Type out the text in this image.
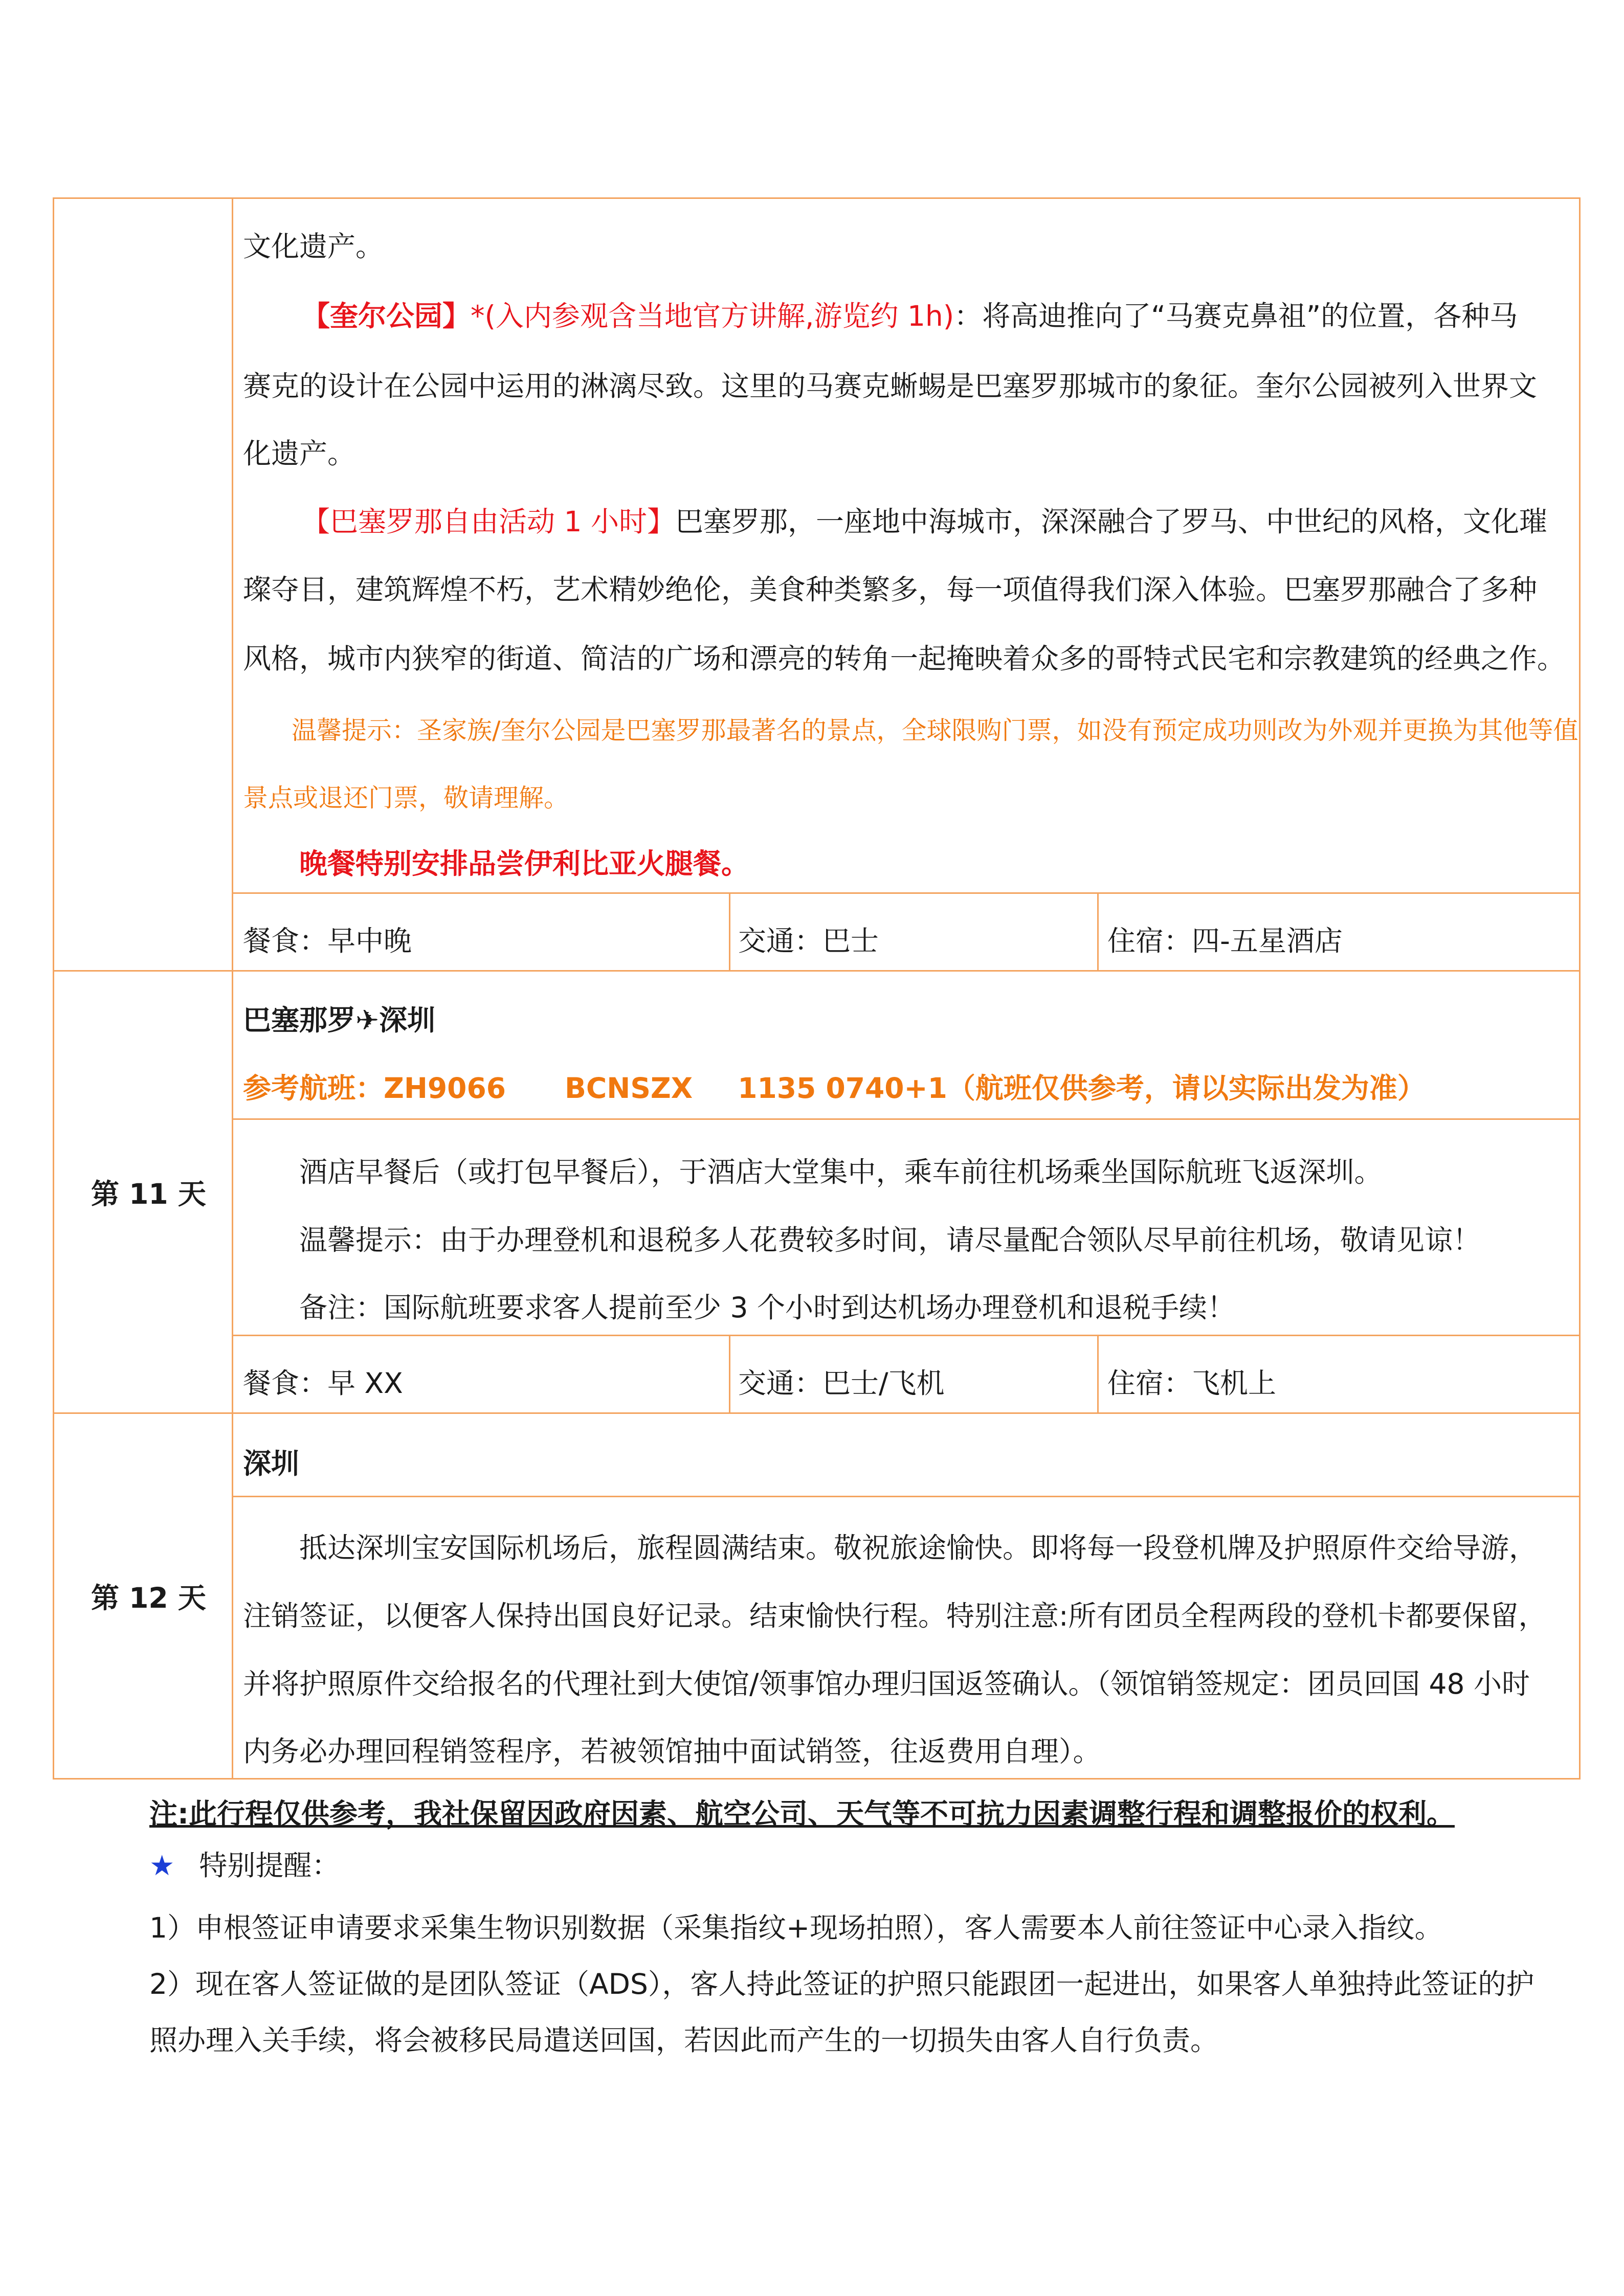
文化遗产。
【奎尔公园】*(入内参观含当地官方讲解,游览约 1h)：将高迪推向了“马赛克鼻祖”的位置，各种马
赛克的设计在公园中运用的淋漓尽致。这里的马赛克蜥蜴是巴塞罗那城市的象征。奎尔公园被列入世界文
化遗产。
【巴塞罗那自由活动 1 小时】巴塞罗那，一座地中海城市，深深融合了罗马、中世纪的风格，文化璀
璨夺目，建筑辉煌不朽，艺术精妙绝伦，美食种类繁多，每一项值得我们深入体验。巴塞罗那融合了多种
风格，城市内狭窄的街道、简洁的广场和漂亮的转角一起掩映着众多的哥特式民宅和宗教建筑的经典之作。
温馨提示：圣家族/奎尔公园是巴塞罗那最著名的景点，全球限购门票，如没有预定成功则改为外观并更换为其他等值
景点或退还门票，敬请理解。
晚餐特别安排品尝伊利比亚火腿餐。
餐食：早中晚	交通：巴士	住宿：四-五星酒店
第 11 天
巴塞那罗✈深圳
参考航班：ZH9066 BCNSZX 1135 0740+1（航班仅供参考，请以实际出发为准）
酒店早餐后（或打包早餐后），于酒店大堂集中，乘车前往机场乘坐国际航班飞返深圳。
温馨提示：由于办理登机和退税多人花费较多时间，请尽量配合领队尽早前往机场，敬请见谅！
备注：国际航班要求客人提前至少 3 个小时到达机场办理登机和退税手续！
餐食：早 XX	交通：巴士/飞机	住宿：飞机上
第 12 天
深圳
抵达深圳宝安国际机场后，旅程圆满结束。敬祝旅途愉快。即将每一段登机牌及护照原件交给导游，
注销签证，以便客人保持出国良好记录。结束愉快行程。特别注意:所有团员全程两段的登机卡都要保留，
并将护照原件交给报名的代理社到大使馆/领事馆办理归国返签确认。（领馆销签规定：团员回国 48 小时
内务必办理回程销签程序，若被领馆抽中面试销签，往返费用自理）。
注:此行程仅供参考，我社保留因政府因素、航空公司、天气等不可抗力因素调整行程和调整报价的权利。
★ 特别提醒：
1）申根签证申请要求采集生物识别数据（采集指纹+现场拍照），客人需要本人前往签证中心录入指纹。
2）现在客人签证做的是团队签证（ADS），客人持此签证的护照只能跟团一起进出，如果客人单独持此签证的护
照办理入关手续，将会被移民局遣送回国，若因此而产生的一切损失由客人自行负责。
